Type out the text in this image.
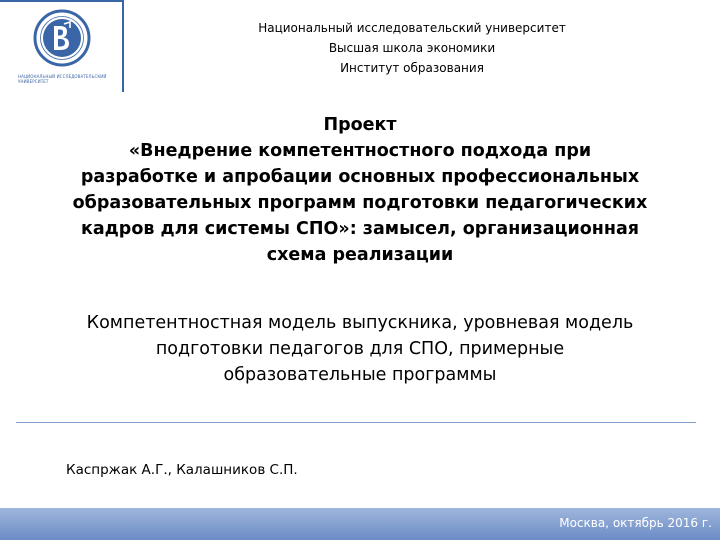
НАЦИОНАЛЬНЫЙ ИССЛЕДОВАТЕЛЬСКИЙ
УНИВЕРСИТЕТ
Национальный исследовательский университет
Высшая школа экономики
Институт образования
Проект
«Внедрение компетентностного подхода при
разработке и апробации основных профессиональных
образовательных программ подготовки педагогических
кадров для системы СПО»: замысел, организационная
схема реализации
Компетентностная модель выпускника, уровневая модель
подготовки педагогов для СПО, примерные
образовательные программы
Каспржак А.Г., Калашников С.П.
Москва, октябрь 2016 г.
